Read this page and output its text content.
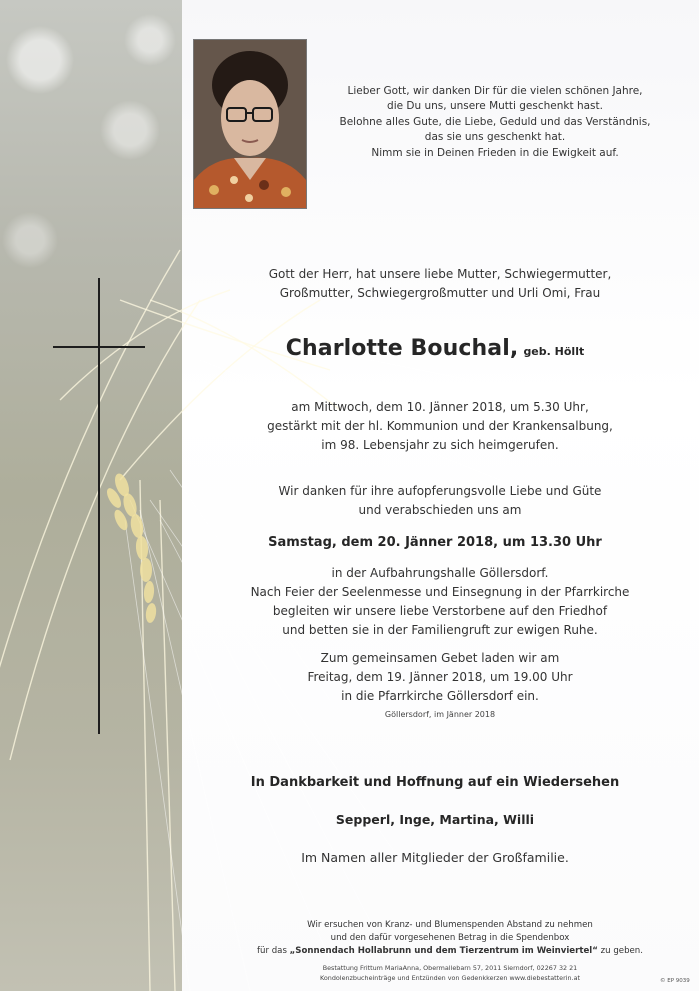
Lieber Gott, wir danken Dir für die vielen schönen Jahre,
die Du uns, unsere Mutti geschenkt hast.
Belohne alles Gute, die Liebe, Geduld und das Verständnis,
das sie uns geschenkt hat.
Nimm sie in Deinen Frieden in die Ewigkeit auf.
Gott der Herr, hat unsere liebe Mutter, Schwiegermutter,
Großmutter, Schwiegergroßmutter und Urli Omi, Frau
Charlotte Bouchal, geb. Höllt
am Mittwoch, dem 10. Jänner 2018, um 5.30 Uhr,
gestärkt mit der hl. Kommunion und der Krankensalbung,
im 98. Lebensjahr zu sich heimgerufen.
Wir danken für ihre aufopferungsvolle Liebe und Güte
und verabschieden uns am
Samstag, dem 20. Jänner 2018, um 13.30 Uhr
in der Aufbahrungshalle Göllersdorf.
Nach Feier der Seelenmesse und Einsegnung in der Pfarrkirche
begleiten wir unsere liebe Verstorbene auf den Friedhof
und betten sie in der Familiengruft zur ewigen Ruhe.
Zum gemeinsamen Gebet laden wir am
Freitag, dem 19. Jänner 2018, um 19.00 Uhr
in die Pfarrkirche Göllersdorf ein.
Göllersdorf, im Jänner 2018
In Dankbarkeit und Hoffnung auf ein Wiedersehen
Sepperl, Inge, Martina, Willi
Im Namen aller Mitglieder der Großfamilie.
Wir ersuchen von Kranz- und Blumenspenden Abstand zu nehmen
und den dafür vorgesehenen Betrag in die Spendenbox
für das „Sonnendach Hollabrunn und dem Tierzentrum im Weinviertel“ zu geben.
Bestattung Frittum MariaAnna, Obermallebarn 57, 2011 Sierndorf, 02267 32 21
Kondolenzbucheinträge und Entzünden von Gedenkkerzen www.diebestatterin.at	© EP 9039
